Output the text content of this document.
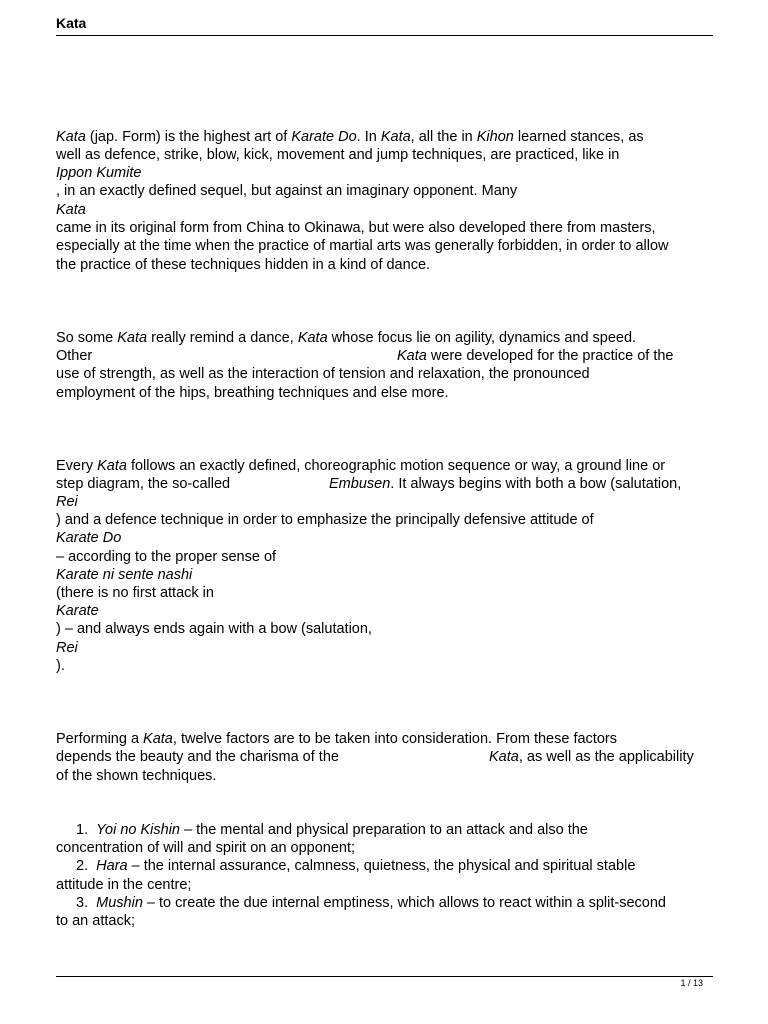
Kata
Kata (jap. Form) is the highest art of Karate Do. In Kata, all the in Kihon learned stances, as
well as defence, strike, blow, kick, movement and jump techniques, are practiced, like in
Ippon Kumite
, in an exactly defined sequel, but against an imaginary opponent. Many
Kata
came in its original form from China to Okinawa, but were also developed there from masters,
especially at the time when the practice of martial arts was generally forbidden, in order to allow
the practice of these techniques hidden in a kind of dance.
So some Kata really remind a dance, Kata whose focus lie on agility, dynamics and speed.
Other	Kata were developed for the practice of the
use of strength, as well as the interaction of tension and relaxation, the pronounced
employment of the hips, breathing techniques and else more.
Every Kata follows an exactly defined, choreographic motion sequence or way, a ground line or
step diagram, the so-called	Embusen. It always begins with both a bow (salutation,
Rei
) and a defence technique in order to emphasize the principally defensive attitude of
Karate Do
– according to the proper sense of
Karate ni sente nashi
(there is no first attack in
Karate
) – and always ends again with a bow (salutation,
Rei
).
Performing a Kata, twelve factors are to be taken into consideration. From these factors
depends the beauty and the charisma of the	Kata, as well as the applicability
of the shown techniques.
1. Yoi no Kishin – the mental and physical preparation to an attack and also the
concentration of will and spirit on an opponent;
2. Hara – the internal assurance, calmness, quietness, the physical and spiritual stable
attitude in the centre;
3. Mushin – to create the due internal emptiness, which allows to react within a split-second
to an attack;
1 / 13
